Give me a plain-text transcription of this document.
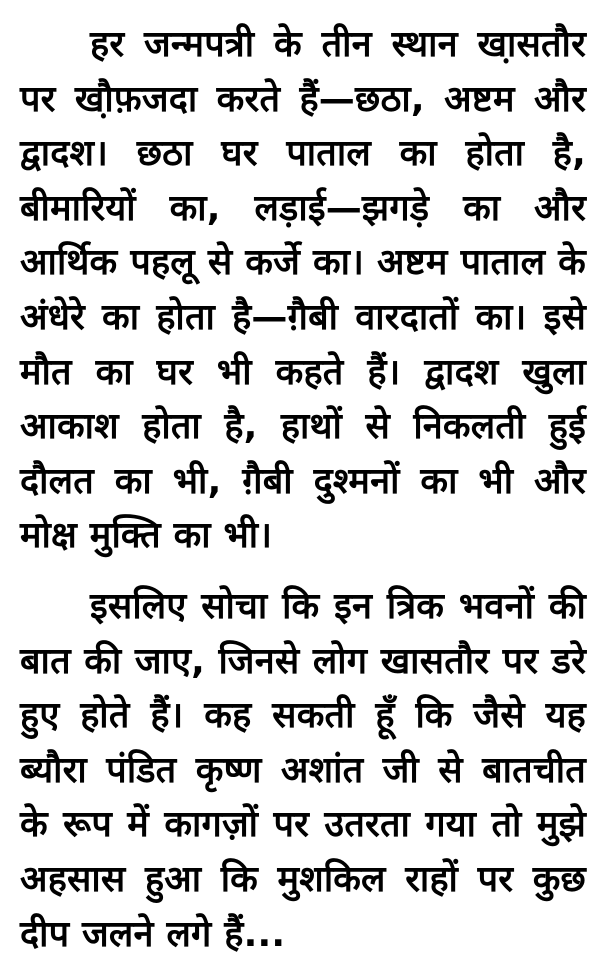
हर जन्मपत्री के तीन स्थान खा़सतौर पर खौ़फ़जदा करते हैं—छठा, अष्टम और द्वादश। छठा घर पाताल का होता है, बीमारियों का, लड़ाई—झगड़े का और आर्थिक पहलू से कर्जे का। अष्टम पाताल के अंधेरे का होता है—गै़बी वारदातों का। इसे मौत का घर भी कहते हैं। द्वादश खुला आकाश होता है, हाथों से निकलती हुई दौलत का भी, गै़बी दुश्मनों का भी और मोक्ष मुक्ति का भी।

इसलिए सोचा कि इन त्रिक भवनों की बात की जाए, जिनसे लोग खासतौर पर डरे हुए होते हैं। कह सकती हूँ कि जैसे यह ब्यौरा पंडित कृष्ण अशांत जी से बातचीत के रूप में कागज़ों पर उतरता गया तो मुझे अहसास हुआ कि मुशकिल राहों पर कुछ दीप जलने लगे हैं...
